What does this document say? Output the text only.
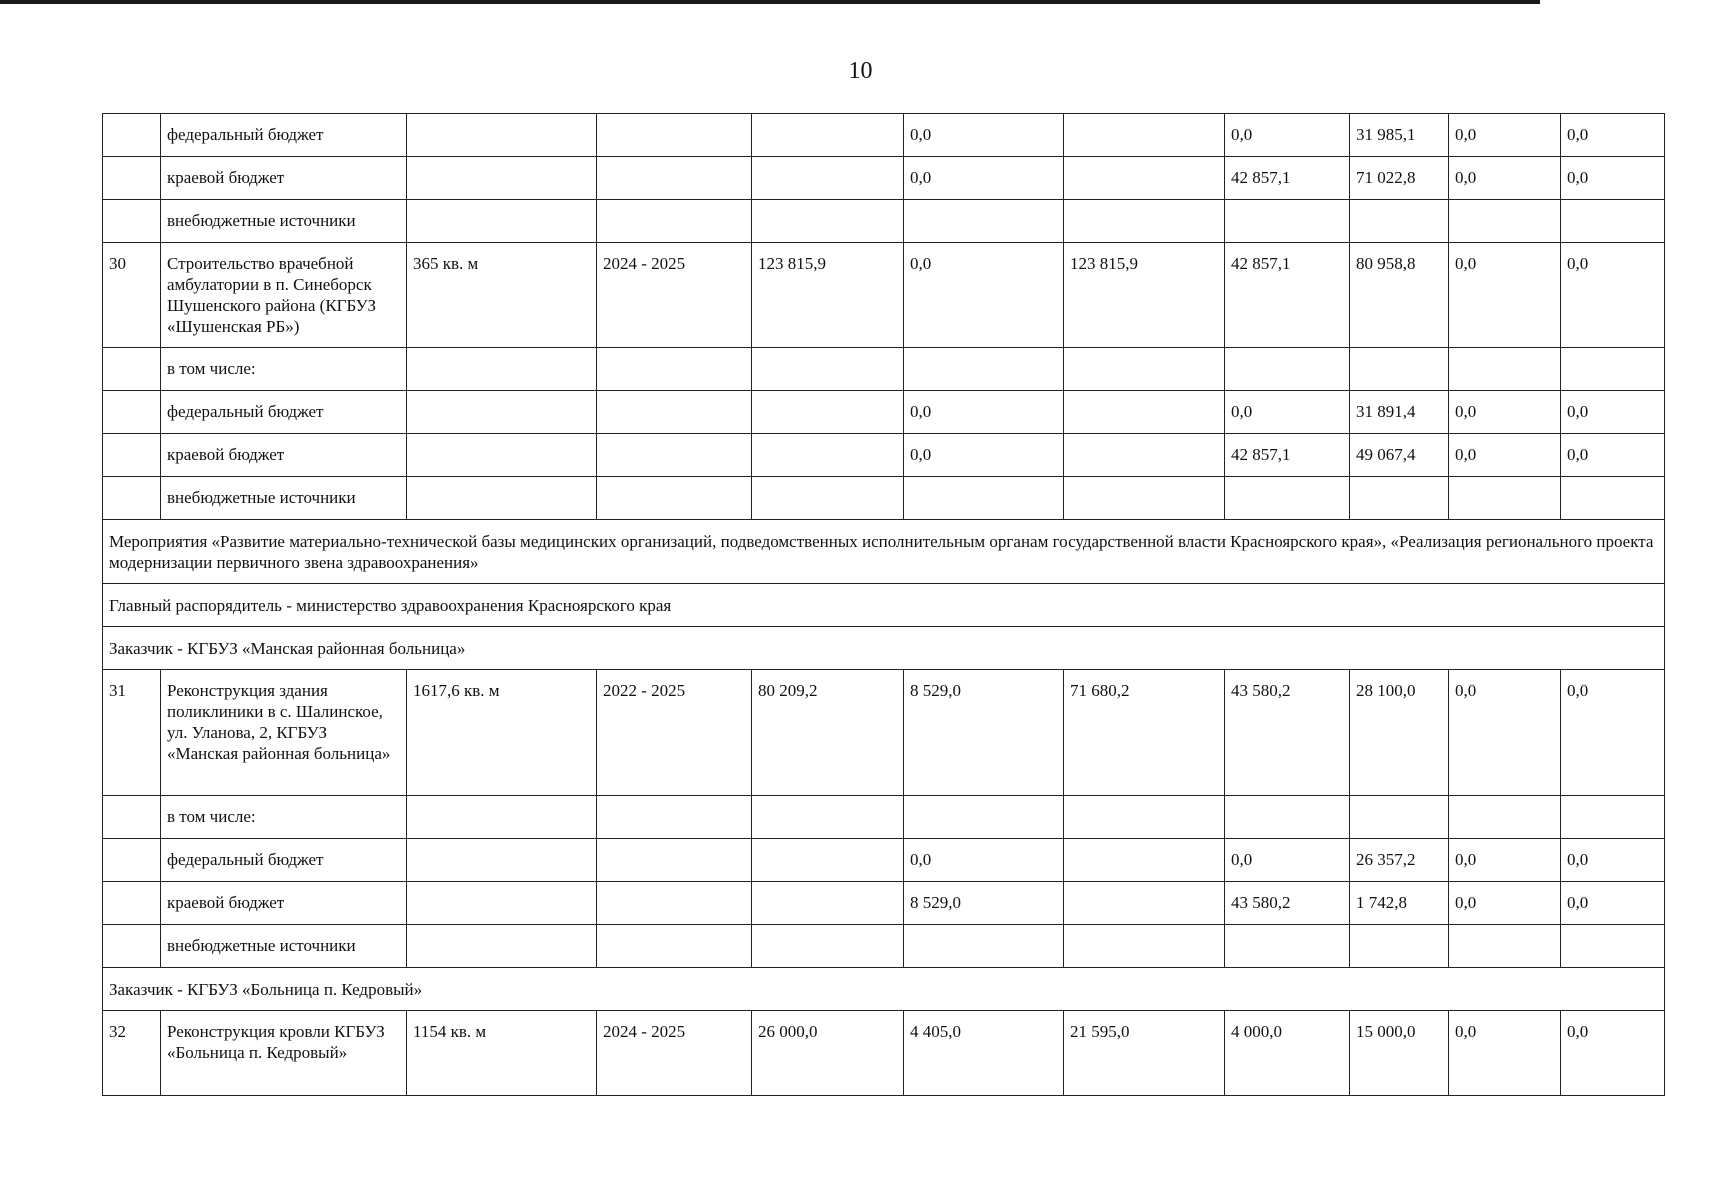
10
	федеральный бюджет				0,0		0,0	31 985,1	0,0	0,0
	краевой бюджет				0,0		42 857,1	71 022,8	0,0	0,0
	внебюджетные источники									
30	Строительство врачебной амбулатории в п. Синеборск Шушенского района (КГБУЗ «Шушенская РБ»)	365 кв. м	2024 - 2025	123 815,9	0,0	123 815,9	42 857,1	80 958,8	0,0	0,0
	в том числе:									
	федеральный бюджет				0,0		0,0	31 891,4	0,0	0,0
	краевой бюджет				0,0		42 857,1	49 067,4	0,0	0,0
	внебюджетные источники									
Мероприятия «Развитие материально-технической базы медицинских организаций, подведомственных исполнительным органам государственной власти Красноярского края», «Реализация регионального проекта модернизации первичного звена здравоохранения»										
Главный распорядитель - министерство здравоохранения Красноярского края										
Заказчик - КГБУЗ «Манская районная больница»										
31	Реконструкция здания поликлиники в с. Шалинское, ул. Уланова, 2, КГБУЗ «Манская районная больница»	1617,6 кв. м	2022 - 2025	80 209,2	8 529,0	71 680,2	43 580,2	28 100,0	0,0	0,0
	в том числе:									
	федеральный бюджет				0,0		0,0	26 357,2	0,0	0,0
	краевой бюджет				8 529,0		43 580,2	1 742,8	0,0	0,0
	внебюджетные источники									
Заказчик - КГБУЗ «Больница п. Кедровый»										
32	Реконструкция кровли КГБУЗ «Больница п. Кедровый»	1154 кв. м	2024 - 2025	26 000,0	4 405,0	21 595,0	4 000,0	15 000,0	0,0	0,0
